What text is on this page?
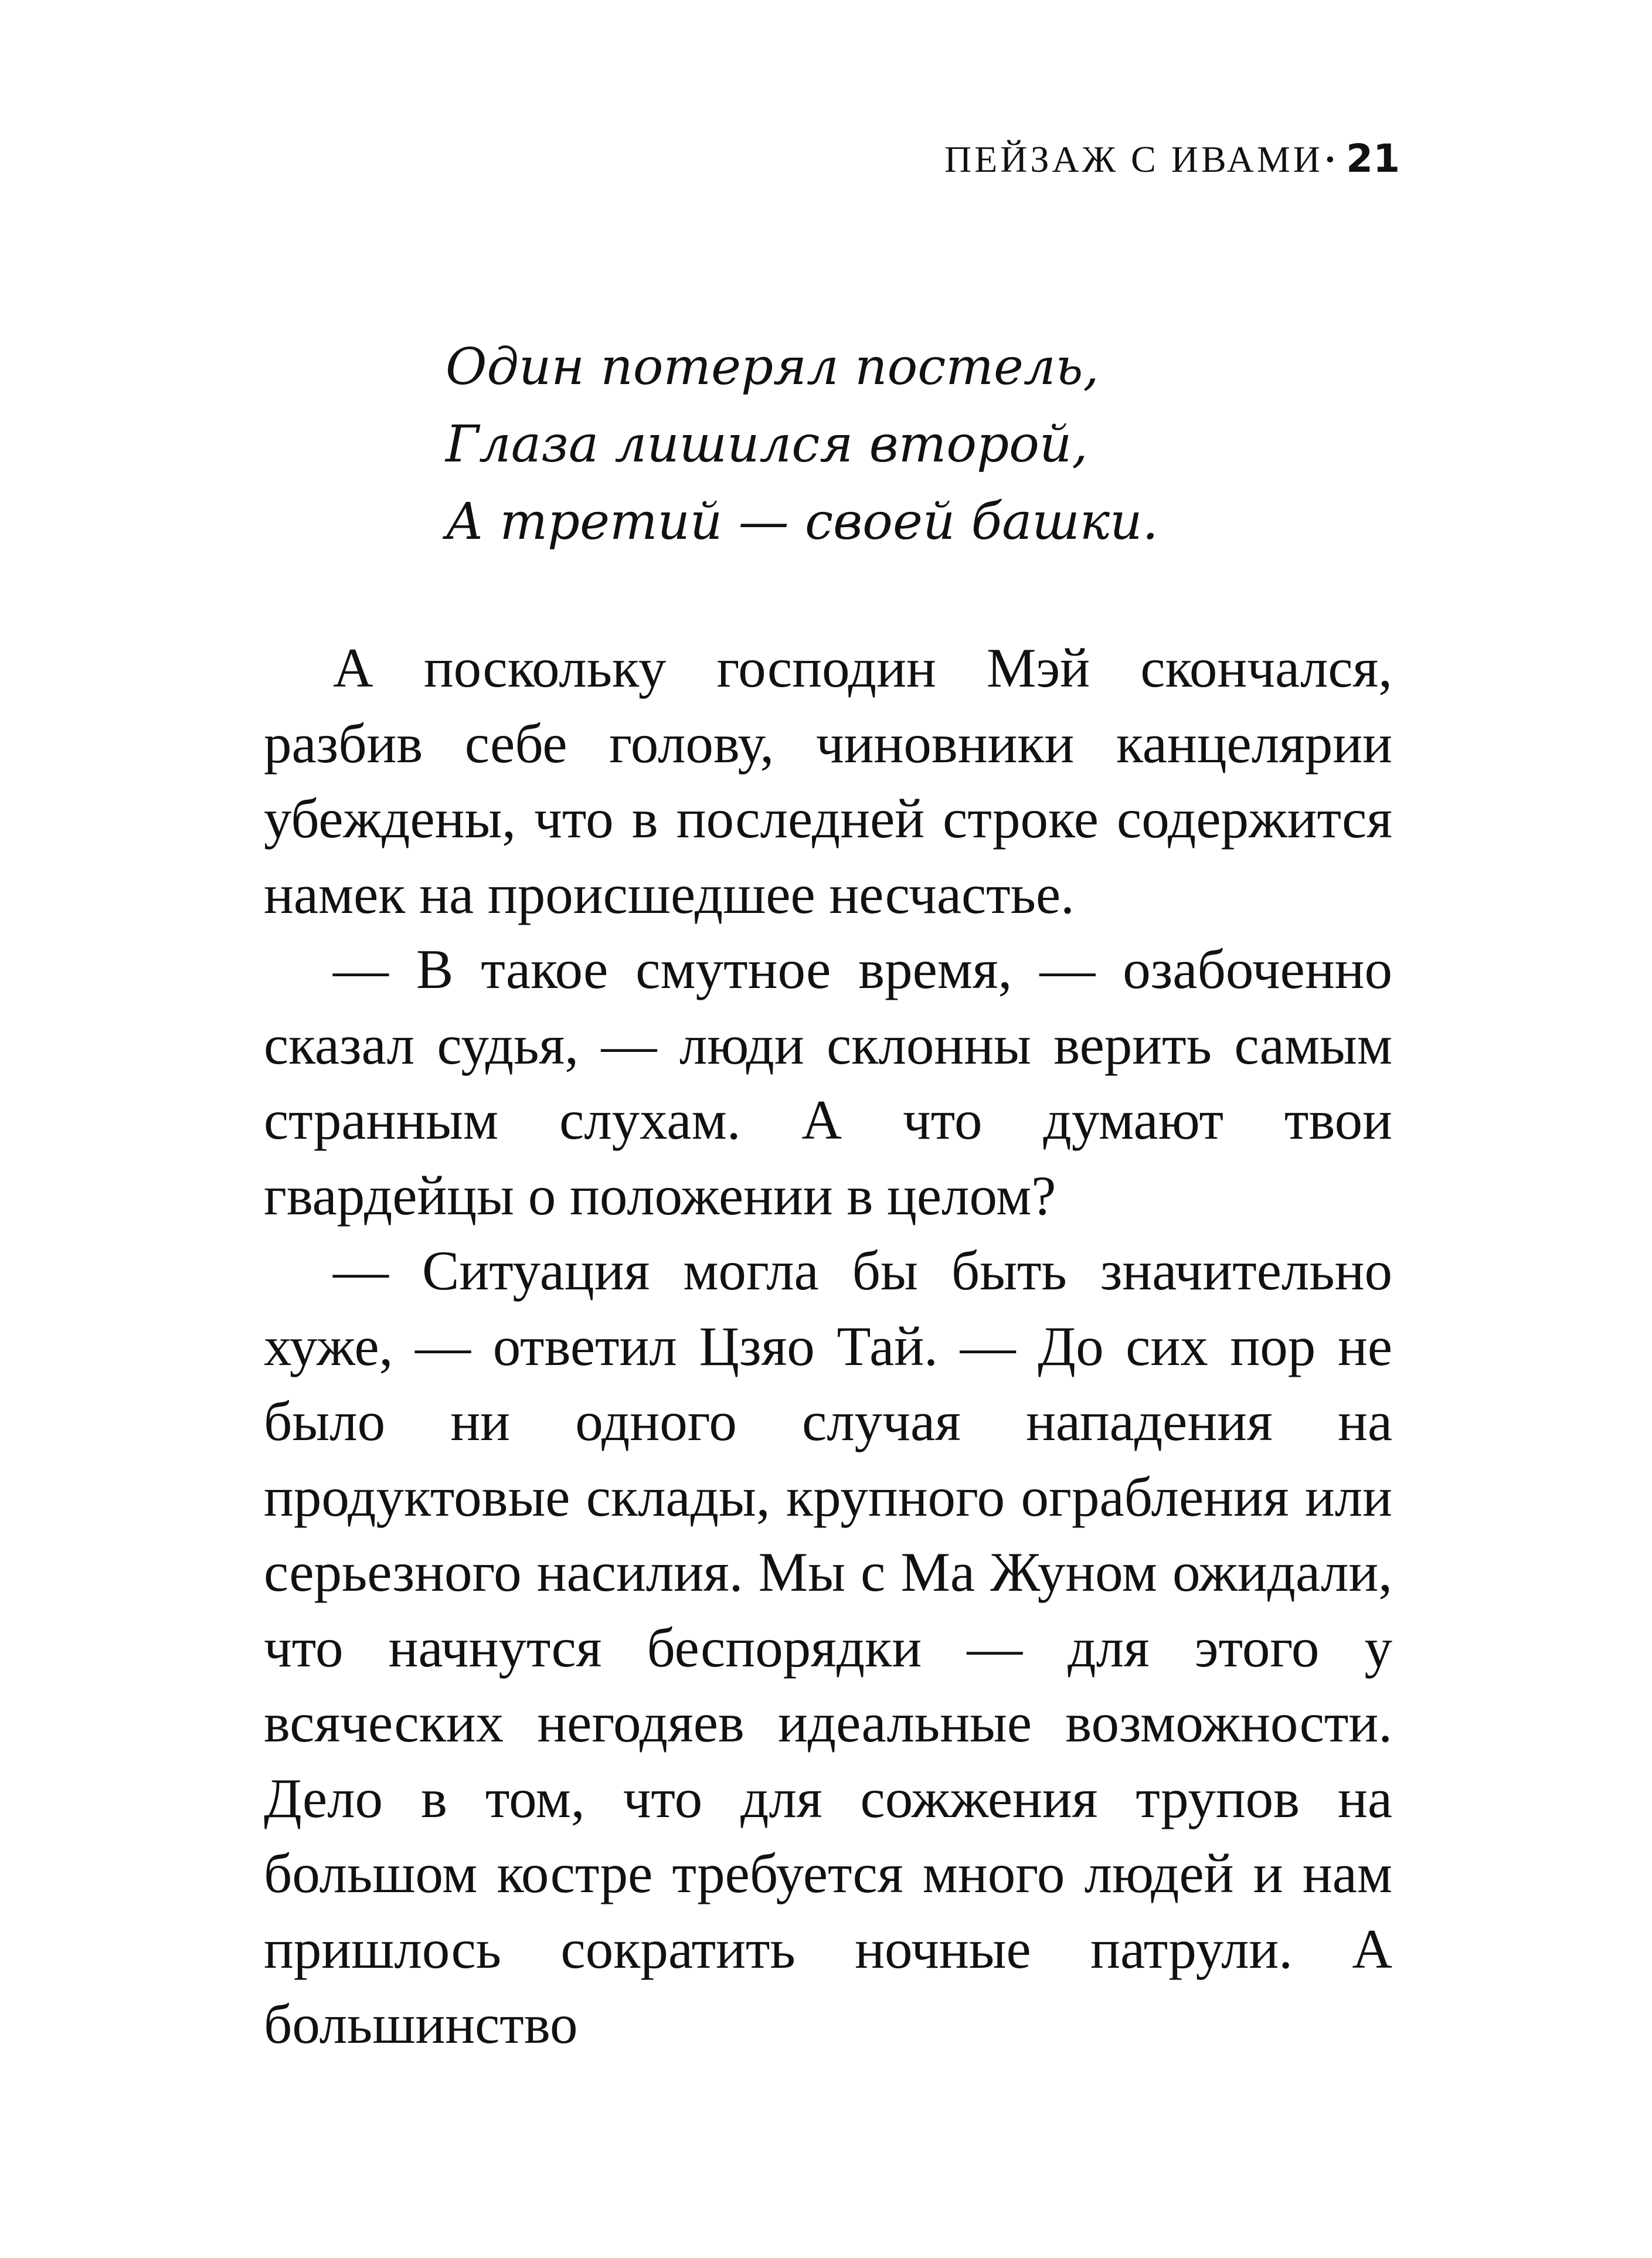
ПЕЙЗАЖ С ИВАМИ· 21
Один потерял постель,
Глаза лишился второй,
А третий — своей башки.

А поскольку господин Мэй скончался, разбив себе голову, чиновники канцелярии убеждены, что в последней строке содержится намек на происшедшее несчастье.

— В такое смутное время, — озабоченно сказал судья, — люди склонны верить самым странным слухам. А что думают твои гвардейцы о положении в целом?

— Ситуация могла бы быть значительно хуже, — ответил Цзяо Тай. — До сих пор не было ни одного случая нападения на продуктовые склады, крупного ограбления или серьезного насилия. Мы с Ма Жуном ожидали, что начнутся беспорядки — для этого у всяческих негодяев идеальные возможности. Дело в том, что для сожжения трупов на большом костре требуется много людей и нам пришлось сократить ночные патрули. А большинство
